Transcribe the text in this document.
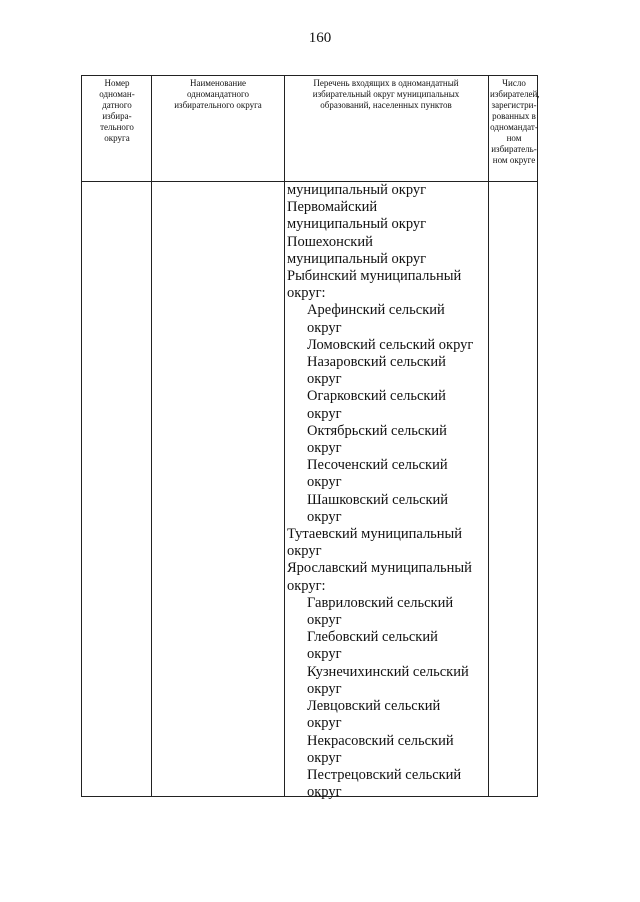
160
Номер одноман-датного избира-тельного округа
Наименование одномандатного избирательного округа
Перечень входящих в одномандатный избирательный округ муниципальных образований, населенных пунктов
Число избирателей, зарегистри-рованных в одномандат-ном избиратель-ном округе
муниципальный округ
Первомайский
муниципальный округ
Пошехонский
муниципальный округ
Рыбинский муниципальный
округ:
Арефинский сельский
округ
Ломовский сельский округ
Назаровский сельский
округ
Огарковский сельский
округ
Октябрьский сельский
округ
Песоченский сельский
округ
Шашковский сельский
округ
Тутаевский муниципальный
округ
Ярославский муниципальный
округ:
Гавриловский сельский
округ
Глебовский сельский
округ
Кузнечихинский сельский
округ
Левцовский сельский
округ
Некрасовский сельский
округ
Пестрецовский сельский
округ
